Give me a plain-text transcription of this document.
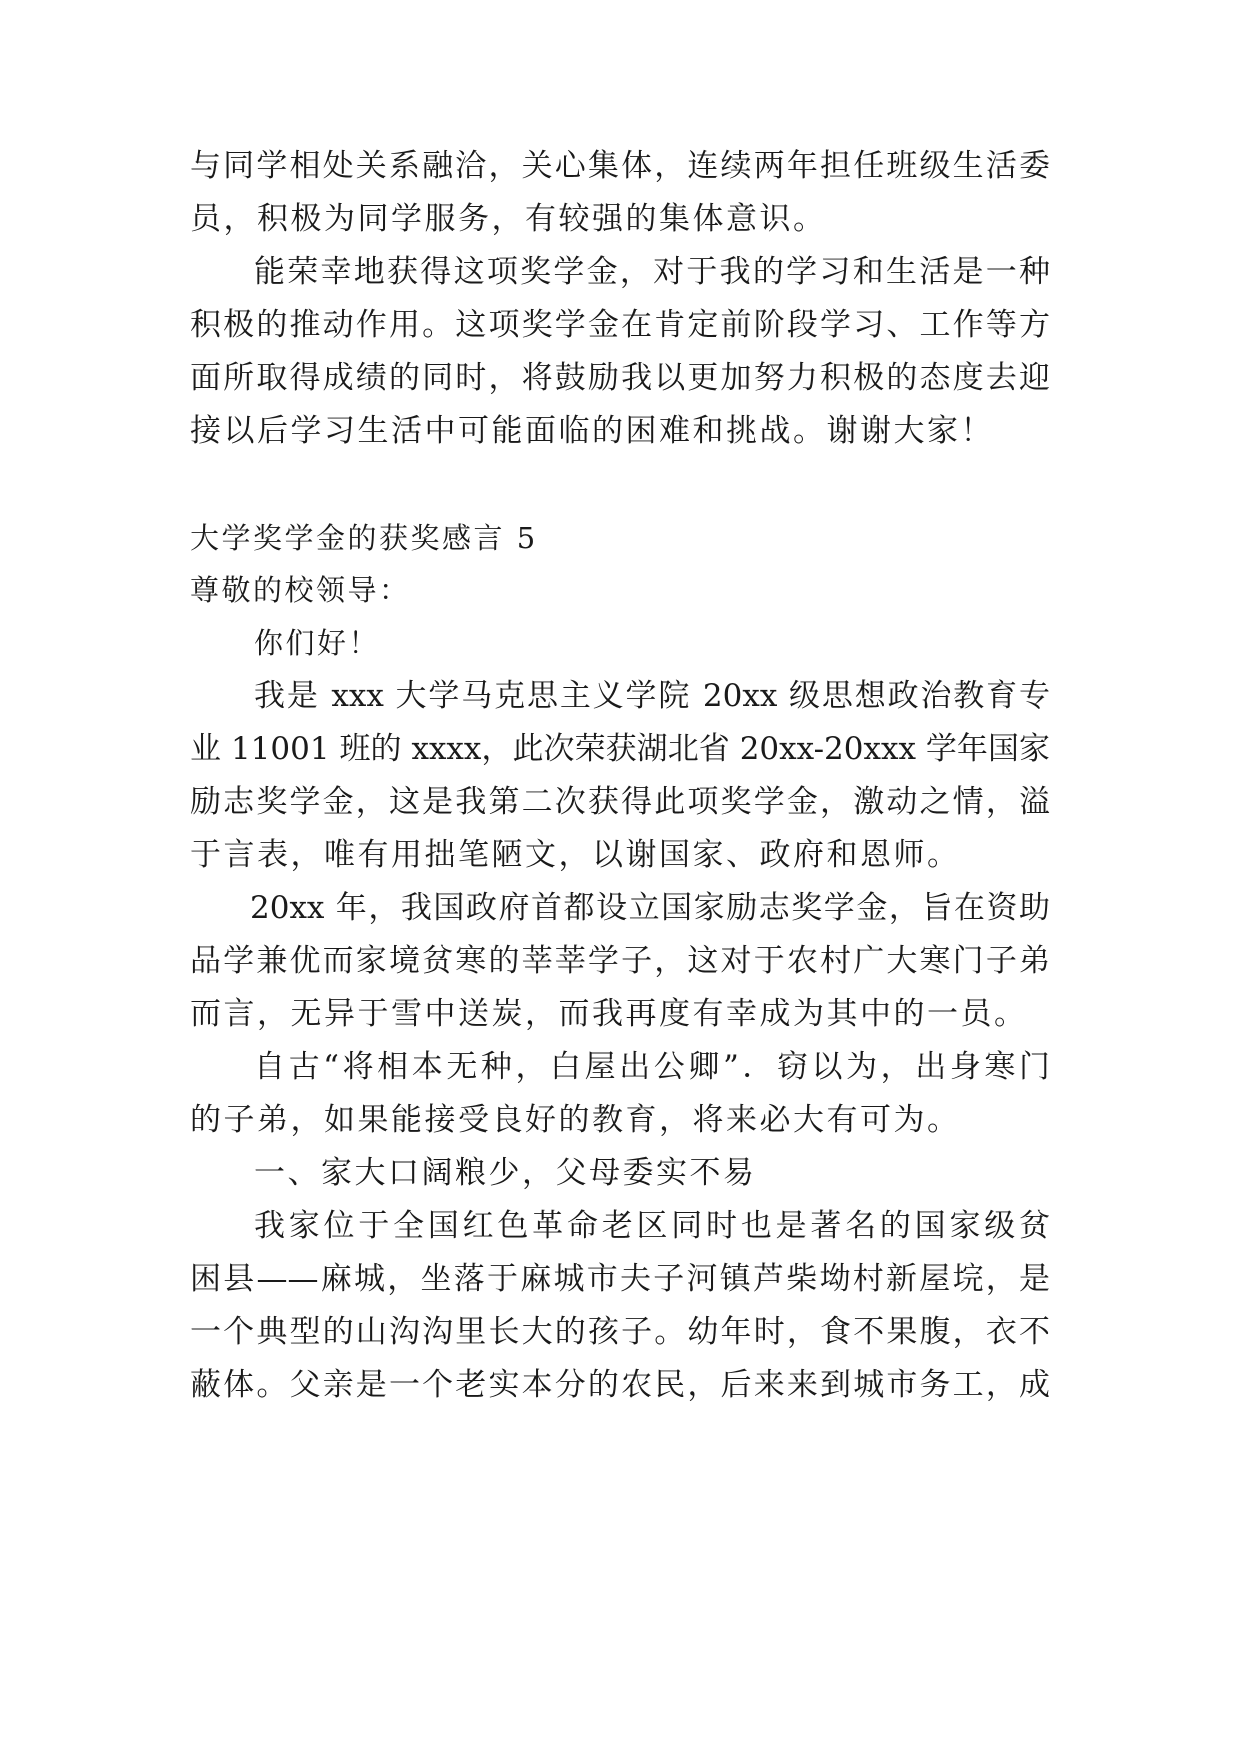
与同学相处关系融洽，关心集体，连续两年担任班级生活委
员，积极为同学服务，有较强的集体意识。
能荣幸地获得这项奖学金，对于我的学习和生活是一种
积极的推动作用。这项奖学金在肯定前阶段学习、工作等方
面所取得成绩的同时，将鼓励我以更加努力积极的态度去迎
接以后学习生活中可能面临的困难和挑战。谢谢大家！
大学奖学金的获奖感言 5
尊敬的校领导：
你们好！
我是 xxx 大学马克思主义学院 20xx 级思想政治教育专
业 11001 班的 xxxx，此次荣获湖北省 20xx-20xxx 学年国家
励志奖学金，这是我第二次获得此项奖学金，激动之情，溢
于言表，唯有用拙笔陋文，以谢国家、政府和恩师。
20xx 年，我国政府首都设立国家励志奖学金，旨在资助
品学兼优而家境贫寒的莘莘学子，这对于农村广大寒门子弟
而言，无异于雪中送炭，而我再度有幸成为其中的一员。
自古“将相本无种，白屋出公卿”．窃以为，出身寒门
的子弟，如果能接受良好的教育，将来必大有可为。
一、家大口阔粮少，父母委实不易
我家位于全国红色革命老区同时也是著名的国家级贫
困县——麻城，坐落于麻城市夫子河镇芦柴坳村新屋垸，是
一个典型的山沟沟里长大的孩子。幼年时，食不果腹，衣不
蔽体。父亲是一个老实本分的农民，后来来到城市务工，成
